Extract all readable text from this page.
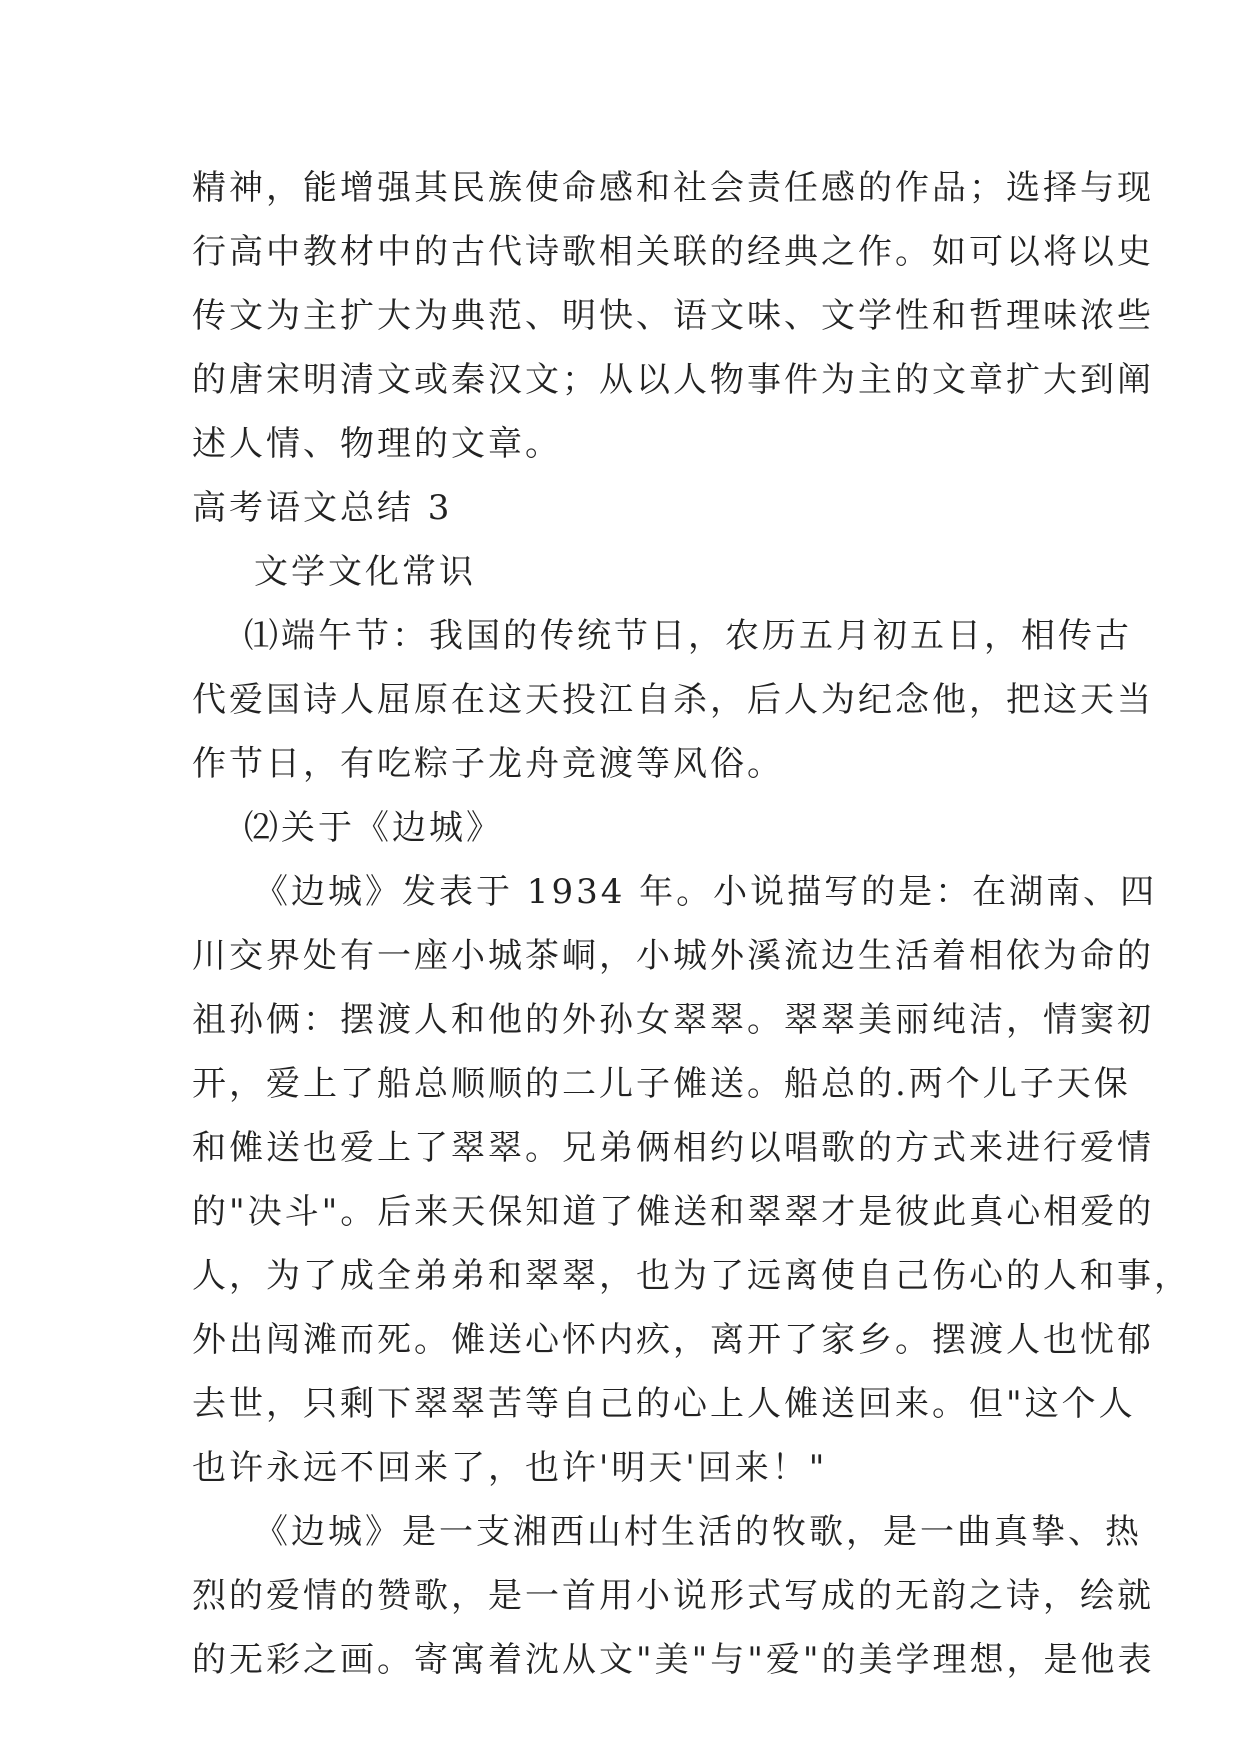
精神，能增强其民族使命感和社会责任感的作品；选择与现
行高中教材中的古代诗歌相关联的经典之作。如可以将以史
传文为主扩大为典范、明快、语文味、文学性和哲理味浓些
的唐宋明清文或秦汉文；从以人物事件为主的文章扩大到阐
述人情、物理的文章。
高考语文总结 3
文学文化常识
⑴端午节：我国的传统节日，农历五月初五日，相传古
代爱国诗人屈原在这天投江自杀，后人为纪念他，把这天当
作节日，有吃粽子龙舟竞渡等风俗。
⑵关于《边城》
《边城》发表于 1934 年。小说描写的是：在湖南、四
川交界处有一座小城茶峒，小城外溪流边生活着相依为命的
祖孙俩：摆渡人和他的外孙女翠翠。翠翠美丽纯洁，情窦初
开，爱上了船总顺顺的二儿子傩送。船总的.两个儿子天保
和傩送也爱上了翠翠。兄弟俩相约以唱歌的方式来进行爱情
的"决斗"。后来天保知道了傩送和翠翠才是彼此真心相爱的
人，为了成全弟弟和翠翠，也为了远离使自己伤心的人和事，
外出闯滩而死。傩送心怀内疚，离开了家乡。摆渡人也忧郁
去世，只剩下翠翠苦等自己的心上人傩送回来。但"这个人
也许永远不回来了，也许'明天'回来！"
《边城》是一支湘西山村生活的牧歌，是一曲真挚、热
烈的爱情的赞歌，是一首用小说形式写成的无韵之诗，绘就
的无彩之画。寄寓着沈从文"美"与"爱"的美学理想，是他表
